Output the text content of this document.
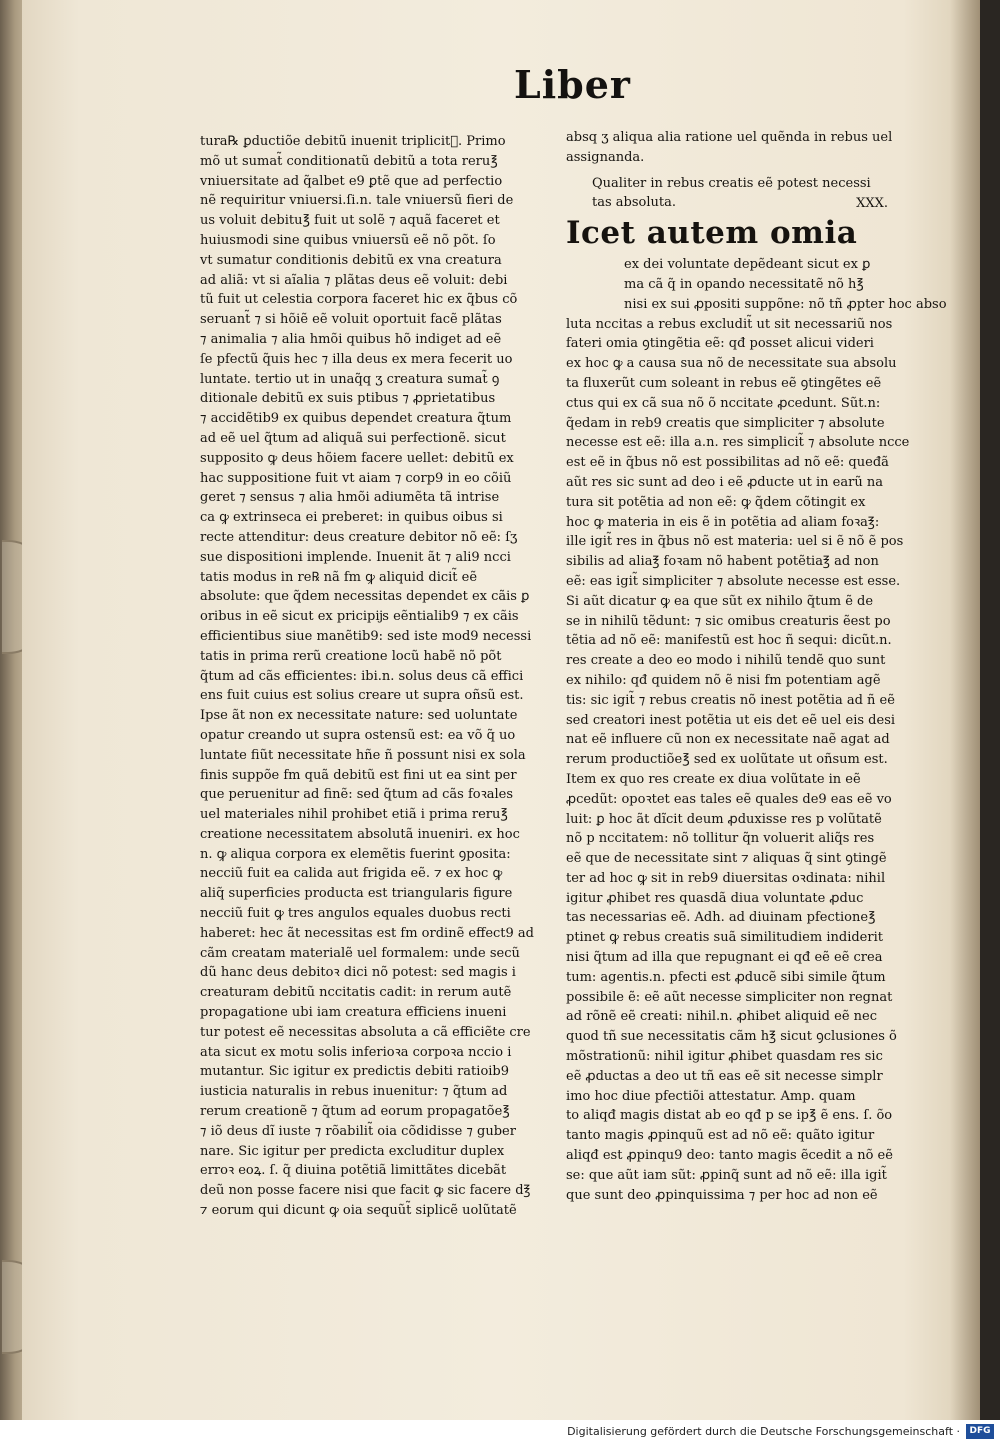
Liber
tura℞ ꝑductiõe debitũ inuenit triplicit᷑. Primo
mõ ut sumat̃ conditionatũ debitũ a tota reru℥
vniuersitate ad q̃albet e9 ꝑtẽ que ad perfectio
nẽ requiritur vniuersi.ſi.n. tale vniuersũ fieri de
us voluit debitu℥ fuit ut solẽ ⁊ aquã faceret et
huiusmodi sine quibus vniuersũ eẽ nõ põt. ſo
vt sumatur conditionis debitũ ex vna creatura
ad aliã: vt si aĩalia ⁊ plãtas deus eẽ voluit: debi
tũ fuit ut celestia corpora faceret hic ex q̃bus cõ
seruant̃ ⁊ si hõiẽ eẽ voluit oportuit facẽ plãtas
⁊ animalia ⁊ alia hmõi quibus hõ indiget ad eẽ
ſe pfectũ q̃uis hec ⁊ illa deus ex mera fecerit uo
luntate. tertio ut in unaq̃q ʒ creatura sumat̃ ꝯ
ditionale debitũ ex suis ptibus ⁊ ꝓprietatibus
⁊ accidẽtib9 ex quibus dependet creatura q̃tum
ad eẽ uel q̃tum ad aliquã sui perfectionẽ. sicut
supposito ꝙ deus hõiem facere uellet: debitũ ex
hac suppositione fuit vt aiam ⁊ corp9 in eo cõiũ
geret ⁊ sensus ⁊ alia hmõi adiumẽta tã intrise
ca ꝙ extrinseca ei preberet: in quibus oibus si
recte attenditur: deus creature debitor nõ eẽ: ſʒ
sue dispositioni implende. Inuenit ãt ⁊ ali9 ncci
tatis modus in re℞ nã fm ꝙ aliquid dicit̃ eẽ
absolute: que q̃dem necessitas dependet ex cãis ꝑ
oribus in eẽ sicut ex pricipĳs eẽntialib9 ⁊ ex cãis
efficientibus siue manẽtib9: sed iste mod9 necessi
tatis in prima rerũ creatione locũ habẽ nõ põt
q̃tum ad cãs efficientes: ibi.n. solus deus cã effici
ens fuit cuius est solius creare ut supra oñsũ est.
Ipse ãt non ex necessitate nature: sed uoluntate
opatur creando ut supra ostensũ est: ea võ q̃ uo
luntate fiũt necessitate hñe ñ possunt nisi ex sola
finis suppõe fm quã debitũ est fini ut ea sint per
que peruenitur ad finẽ: sed q̃tum ad cãs foꝛales
uel materiales nihil prohibet etiã i prima reru℥
creatione necessitatem absolutã inueniri. ex hoc
n. ꝙ aliqua corpora ex elemẽtis fuerint ꝯposita:
necciũ fuit ea calida aut frigida eẽ. ⁊ ex hoc ꝙ
aliq̃ superficies producta est triangularis figure
necciũ fuit ꝙ tres angulos equales duobus recti
haberet: hec ãt necessitas est fm ordinẽ effect9 ad
cãm creatam materialẽ uel formalem: unde secũ
dũ hanc deus debitoꝛ dici nõ potest: sed magis i
creaturam debitũ nccitatis cadit: in rerum autẽ
propagatione ubi iam creatura efficiens inueni
tur potest eẽ necessitas absoluta a cã efficiẽte cre
ata sicut ex motu solis inferioꝛa corpoꝛa nccio i
mutantur. Sic igitur ex predictis debiti ratioib9
iusticia naturalis in rebus inuenitur: ⁊ q̃tum ad
rerum creationẽ ⁊ q̃tum ad eorum propagatõe℥
⁊ iõ deus dĩ iuste ⁊ rõabilit̃ oia cõdidisse ⁊ guber
nare. Sic igitur per predicta excluditur duplex
erroꝛ eoꝝ. ſ. q̃ diuina potẽtiã limittãtes dicebãt
deũ non posse facere nisi que facit ꝙ sic facere d℥
⁊ eorum qui dicunt ꝙ oia sequũt̃ siplicẽ uolũtatẽ
absq ʒ aliqua alia ratione uel quẽnda in rebus uel
assignanda.
Qualiter in rebus creatis eẽ potest necessi
tas absoluta.	XXX.
Icet autem omia
ex dei voluntate depẽdeant sicut ex ꝑ
ma cã q̃ in opando necessitatẽ nõ h℥
nisi ex sui ꝓpositi suppõne: nõ tñ ꝓpter hoc abso
luta nccitas a rebus excludit̃ ut sit necessariũ nos
fateri omia ꝯtingẽtia eẽ: qđ posset alicui videri
ex hoc ꝙ a causa sua nõ de necessitate sua absolu
ta fluxerũt cum soleant in rebus eẽ ꝯtingẽtes eẽ
ctus qui ex cã sua nõ õ nccitate ꝓcedunt. Sũt.n:
q̃edam in reb9 creatis que simpliciter ⁊ absolute
necesse est eẽ: illa a.n. res simplicit̃ ⁊ absolute ncce
est eẽ in q̃bus nõ est possibilitas ad nõ eẽ: queđã
aũt res sic sunt ad deo i eẽ ꝓducte ut in earũ na
tura sit potẽtia ad non eẽ: ꝙ q̃dem cõtingit ex
hoc ꝙ materia in eis ẽ in potẽtia ad aliam foꝛa℥:
ille igit̃ res in q̃bus nõ est materia: uel si ẽ nõ ẽ pos
sibilis ad alia℥ foꝛam nõ habent potẽtia℥ ad non
eẽ: eas igit̃ simpliciter ⁊ absolute necesse est esse.
Si aũt dicatur ꝙ ea que sũt ex nihilo q̃tum ẽ de
se in nihilũ tẽdunt: ⁊ sic omibus creaturis ẽest po
tẽtia ad nõ eẽ: manifestũ est hoc ñ sequi: dicũt.n.
res create a deo eo modo i nihilũ tendẽ quo sunt
ex nihilo: qđ quidem nõ ẽ nisi fm potentiam agẽ
tis: sic igit̃ ⁊ rebus creatis nõ inest potẽtia ad ñ eẽ
sed creatori inest potẽtia ut eis det eẽ uel eis desi
nat eẽ influere cũ non ex necessitate naẽ agat ad
rerum productiõe℥ sed ex uolũtate ut oñsum est.
Item ex quo res create ex diua volũtate in eẽ
ꝓcedũt: opoꝛtet eas tales eẽ quales de9 eas eẽ vo
luit: ꝑ hoc ãt dĩcit deum ꝓduxisse res p volũtatẽ
nõ p nccitatem: nõ tollitur q̃n voluerit aliq̃s res
eẽ que de necessitate sint ⁊ aliquas q̃ sint ꝯtingẽ
ter ad hoc ꝙ sit in reb9 diuersitas oꝛdinata: nihil
igitur ꝓhibet res quasdã diua voluntate ꝓduc
tas necessarias eẽ. Adh. ad diuinam pfectione℥
ptinet ꝙ rebus creatis suã similitudiem indiderit
nisi q̃tum ad illa que repugnant ei qđ eẽ eẽ crea
tum: agentis.n. pfecti est ꝓducẽ sibi simile q̃tum
possibile ẽ: eẽ aũt necesse simpliciter non regnat
ad rõnẽ eẽ creati: nihil.n. ꝓhibet aliquid eẽ nec
quod tñ sue necessitatis cãm h℥ sicut ꝯclusiones õ
mõstrationũ: nihil igitur ꝓhibet quasdam res sic
eẽ ꝓductas a deo ut tñ eas eẽ sit necesse simplr
imo hoc diue pfectiõi attestatur. Amp. quam
to aliqđ magis distat ab eo qđ p se ip℥ ẽ ens. ſ. õo
tanto magis ꝓpinquũ est ad nõ eẽ: quãto igitur
aliqđ est ꝓpinqu9 deo: tanto magis ẽcedit a nõ eẽ
se: que aũt iam sũt: ꝓpinq̃ sunt ad nõ eẽ: illa igit̃
que sunt deo ꝓpinquissima ⁊ per hoc ad non eẽ
Digitalisierung gefördert durch die Deutsche Forschungsgemeinschaft ·	DFG
